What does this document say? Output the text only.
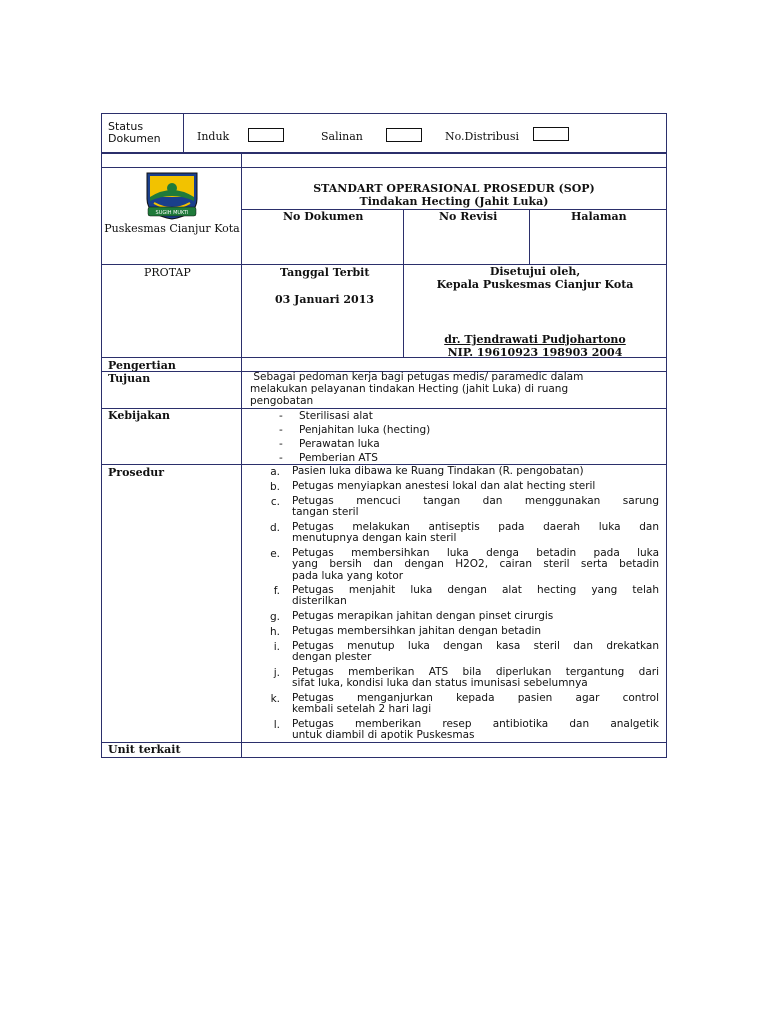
Status Dokumen	Induk	Salinan	No.Distribusi
SUGIH MUKTI
Puskesmas Cianjur Kota
STANDART OPERASIONAL PROSEDUR (SOP)
Tindakan Hecting (Jahit Luka)
No Dokumen	No Revisi	Halaman
PROTAP	Tanggal Terbit
03 Januari 2013
Disetujui oleh,
Kepala Puskesmas Cianjur Kota
dr. Tjendrawati Pudjohartono
NIP. 19610923 198903 2004
Pengertian
Tujuan	Sebagai pedoman kerja bagi petugas medis/ paramedic dalam
melakukan pelayanan tindakan Hecting (jahit Luka) di ruang
pengobatan
Kebijakan	- Sterilisasi alat
- Penjahitan luka (hecting)
- Perawatan luka
- Pemberian ATS
Prosedur	a. Pasien luka dibawa ke Ruang Tindakan (R. pengobatan)
b. Petugas menyiapkan anestesi lokal dan alat hecting steril
c. Petugas mencuci tangan dan menggunakan sarung
tangan steril
d. Petugas melakukan antiseptis pada daerah luka dan
menutupnya dengan kain steril
e. Petugas membersihkan luka denga betadin pada luka
yang bersih dan dengan H2O2, cairan steril serta betadin
pada luka yang kotor
f. Petugas menjahit luka dengan alat hecting yang telah
disterilkan
g. Petugas merapikan jahitan dengan pinset cirurgis
h. Petugas membersihkan jahitan dengan betadin
i. Petugas menutup luka dengan kasa steril dan drekatkan
dengan plester
j. Petugas memberikan ATS bila diperlukan tergantung dari
sifat luka, kondisi luka dan status imunisasi sebelumnya
k. Petugas menganjurkan kepada pasien agar control
kembali setelah 2 hari lagi
l. Petugas memberikan resep antibiotika dan analgetik
untuk diambil di apotik Puskesmas
Unit terkait
